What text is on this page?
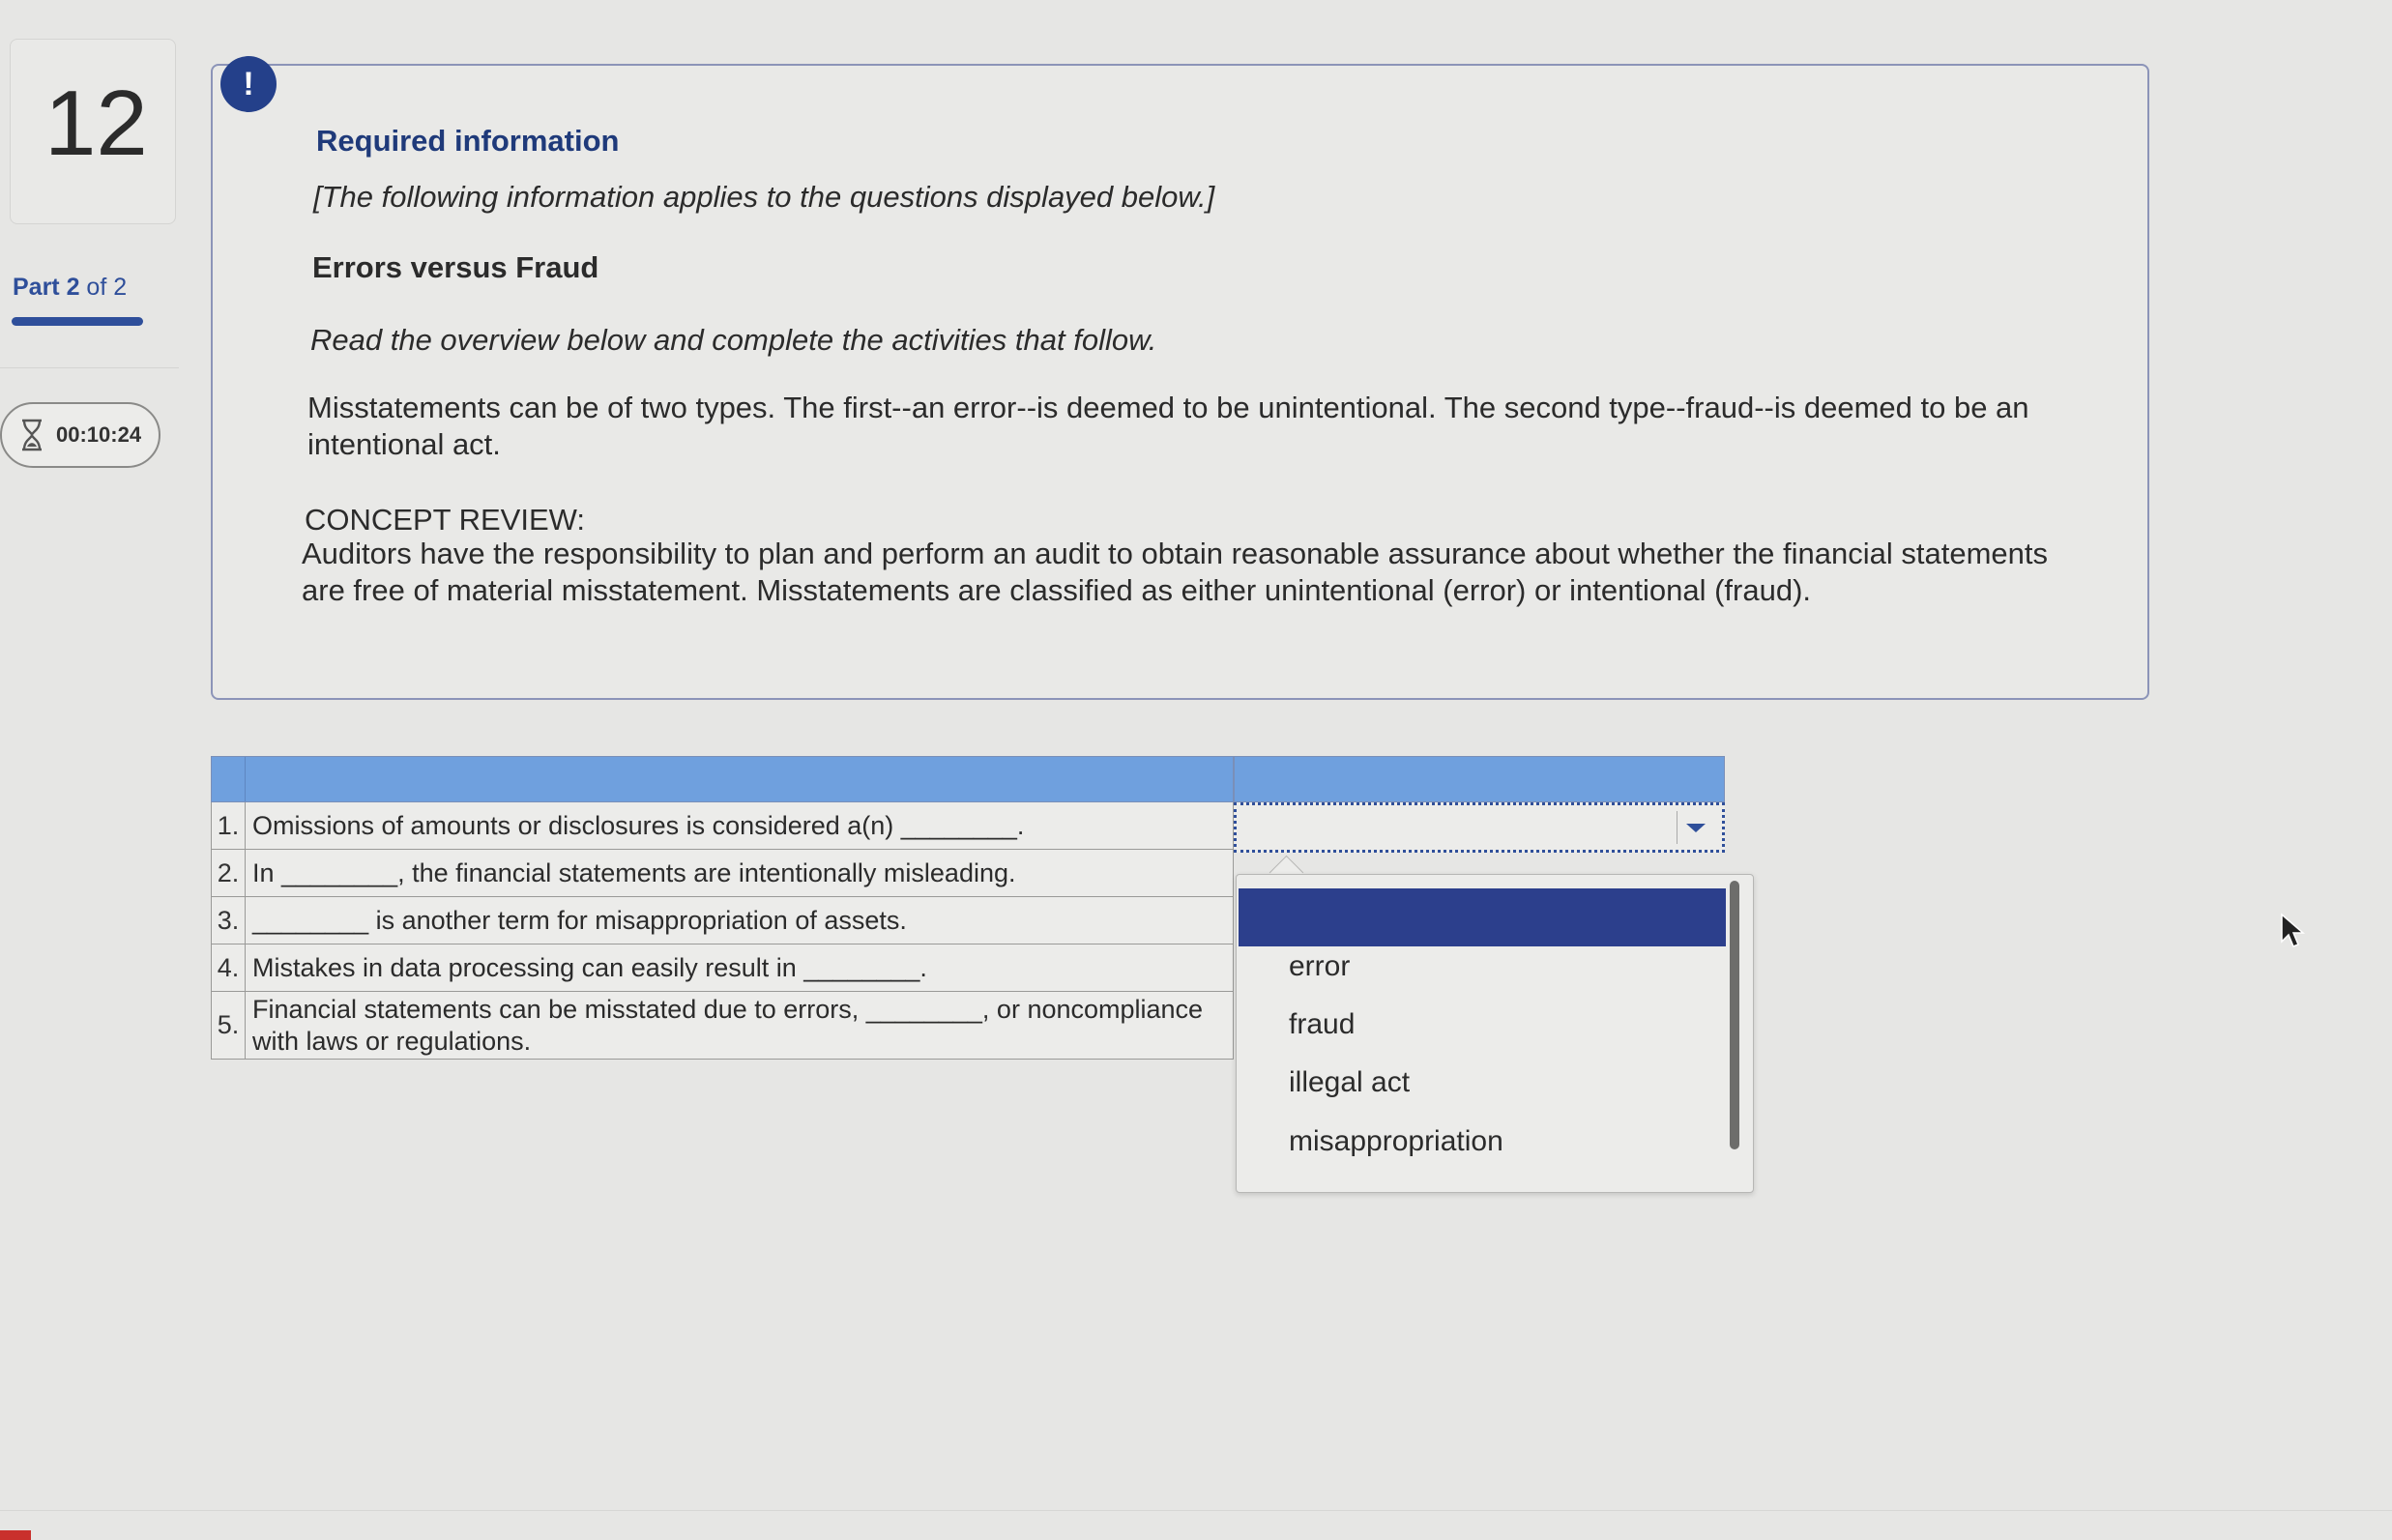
12
Part 2 of 2
00:10:24
!
Required information
[The following information applies to the questions displayed below.]
Errors versus Fraud
Read the overview below and complete the activities that follow.
Misstatements can be of two types. The first--an error--is deemed to be unintentional. The second type--fraud--is deemed to be an intentional act.
CONCEPT REVIEW:
Auditors have the responsibility to plan and perform an audit to obtain reasonable assurance about whether the financial statements are free of material misstatement. Misstatements are classified as either unintentional (error) or intentional (fraud).
1. Omissions of amounts or disclosures is considered a(n) ________.
2. In ________, the financial statements are intentionally misleading.
3. ________ is another term for misappropriation of assets.
4. Mistakes in data processing can easily result in ________.
5.
Financial statements can be misstated due to errors, ________, or noncompliance with laws or regulations.
error
fraud
illegal act
misappropriation
